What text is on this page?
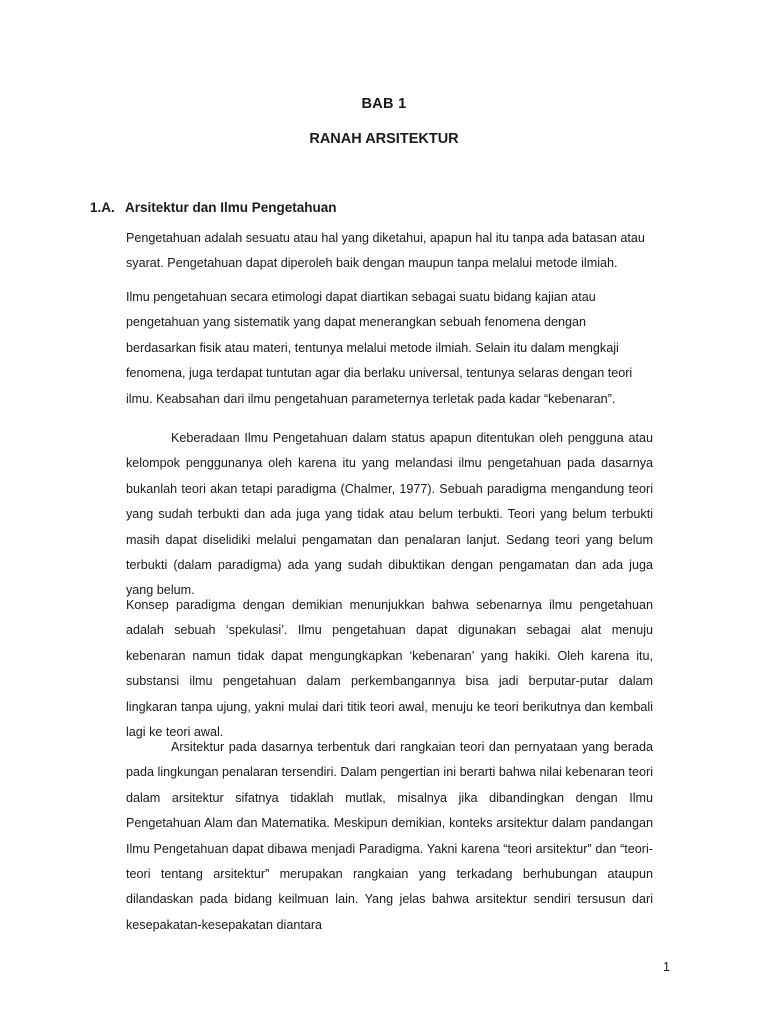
BAB 1
RANAH ARSITEKTUR
1.A. Arsitektur dan Ilmu Pengetahuan

Pengetahuan adalah sesuatu atau hal yang diketahui, apapun hal itu tanpa ada batasan atau syarat. Pengetahuan dapat diperoleh baik dengan maupun tanpa melalui metode ilmiah.

Ilmu pengetahuan secara etimologi dapat diartikan sebagai suatu bidang kajian atau pengetahuan yang sistematik yang dapat menerangkan sebuah fenomena dengan berdasarkan fisik atau materi, tentunya melalui metode ilmiah. Selain itu dalam mengkaji fenomena, juga terdapat tuntutan agar dia berlaku universal, tentunya selaras dengan teori ilmu. Keabsahan dari ilmu pengetahuan parameternya terletak pada kadar “kebenaran”.

Keberadaan Ilmu Pengetahuan dalam status apapun ditentukan oleh pengguna atau kelompok penggunanya oleh karena itu yang melandasi ilmu pengetahuan pada dasarnya bukanlah teori akan tetapi paradigma (Chalmer, 1977). Sebuah paradigma mengandung teori yang sudah terbukti dan ada juga yang tidak atau belum terbukti. Teori yang belum terbukti masih dapat diselidiki melalui pengamatan dan penalaran lanjut. Sedang teori yang belum terbukti (dalam paradigma) ada yang sudah dibuktikan dengan pengamatan dan ada juga yang belum.

Konsep paradigma dengan demikian menunjukkan bahwa sebenarnya ilmu pengetahuan adalah sebuah ‘spekulasi’. Ilmu pengetahuan dapat digunakan sebagai alat menuju kebenaran namun tidak dapat mengungkapkan ‘kebenaran’ yang hakiki. Oleh karena itu, substansi ilmu pengetahuan dalam perkembangannya bisa jadi berputar-putar dalam lingkaran tanpa ujung, yakni mulai dari titik teori awal, menuju ke teori berikutnya dan kembali lagi ke teori awal.

Arsitektur pada dasarnya terbentuk dari rangkaian teori dan pernyataan yang berada pada lingkungan penalaran tersendiri. Dalam pengertian ini berarti bahwa nilai kebenaran teori dalam arsitektur sifatnya tidaklah mutlak, misalnya jika dibandingkan dengan Ilmu Pengetahuan Alam dan Matematika. Meskipun demikian, konteks arsitektur dalam pandangan Ilmu Pengetahuan dapat dibawa menjadi Paradigma. Yakni karena “teori arsitektur” dan “teori-teori tentang arsitektur” merupakan rangkaian yang terkadang berhubungan ataupun dilandaskan pada bidang keilmuan lain. Yang jelas bahwa arsitektur sendiri tersusun dari kesepakatan-kesepakatan diantara

1
